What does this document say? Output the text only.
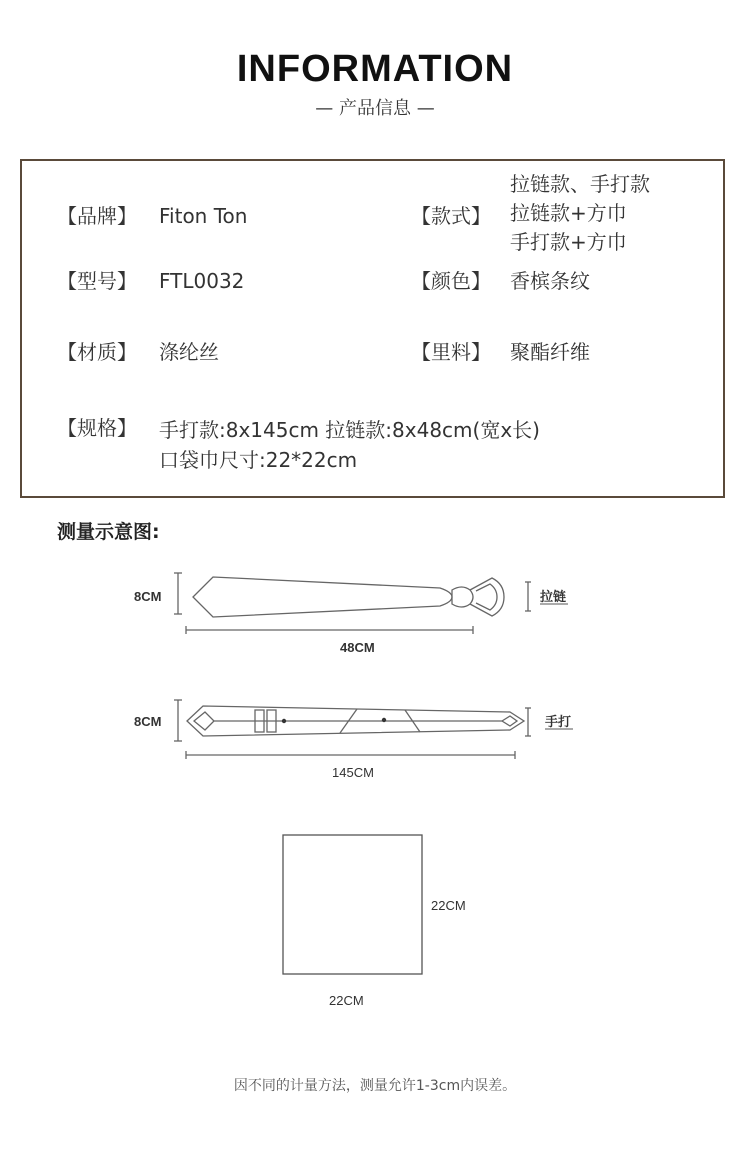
INFORMATION
— 产品信息 —
【品牌】 Fiton Ton	【款式】
拉链款、手打款
拉链款+方巾
手打款+方巾
【型号】 FTL0032	【颜色】 香槟条纹
【材质】 涤纶丝	【里料】 聚酯纤维
【规格】 手打款:8x145cm 拉链款:8x48cm(宽x长)
口袋巾尺寸:22*22cm
测量示意图:
8CM
48CM
拉链
8CM
145CM
手打
22CM
22CM
因不同的计量方法，测量允许1-3cm内误差。
